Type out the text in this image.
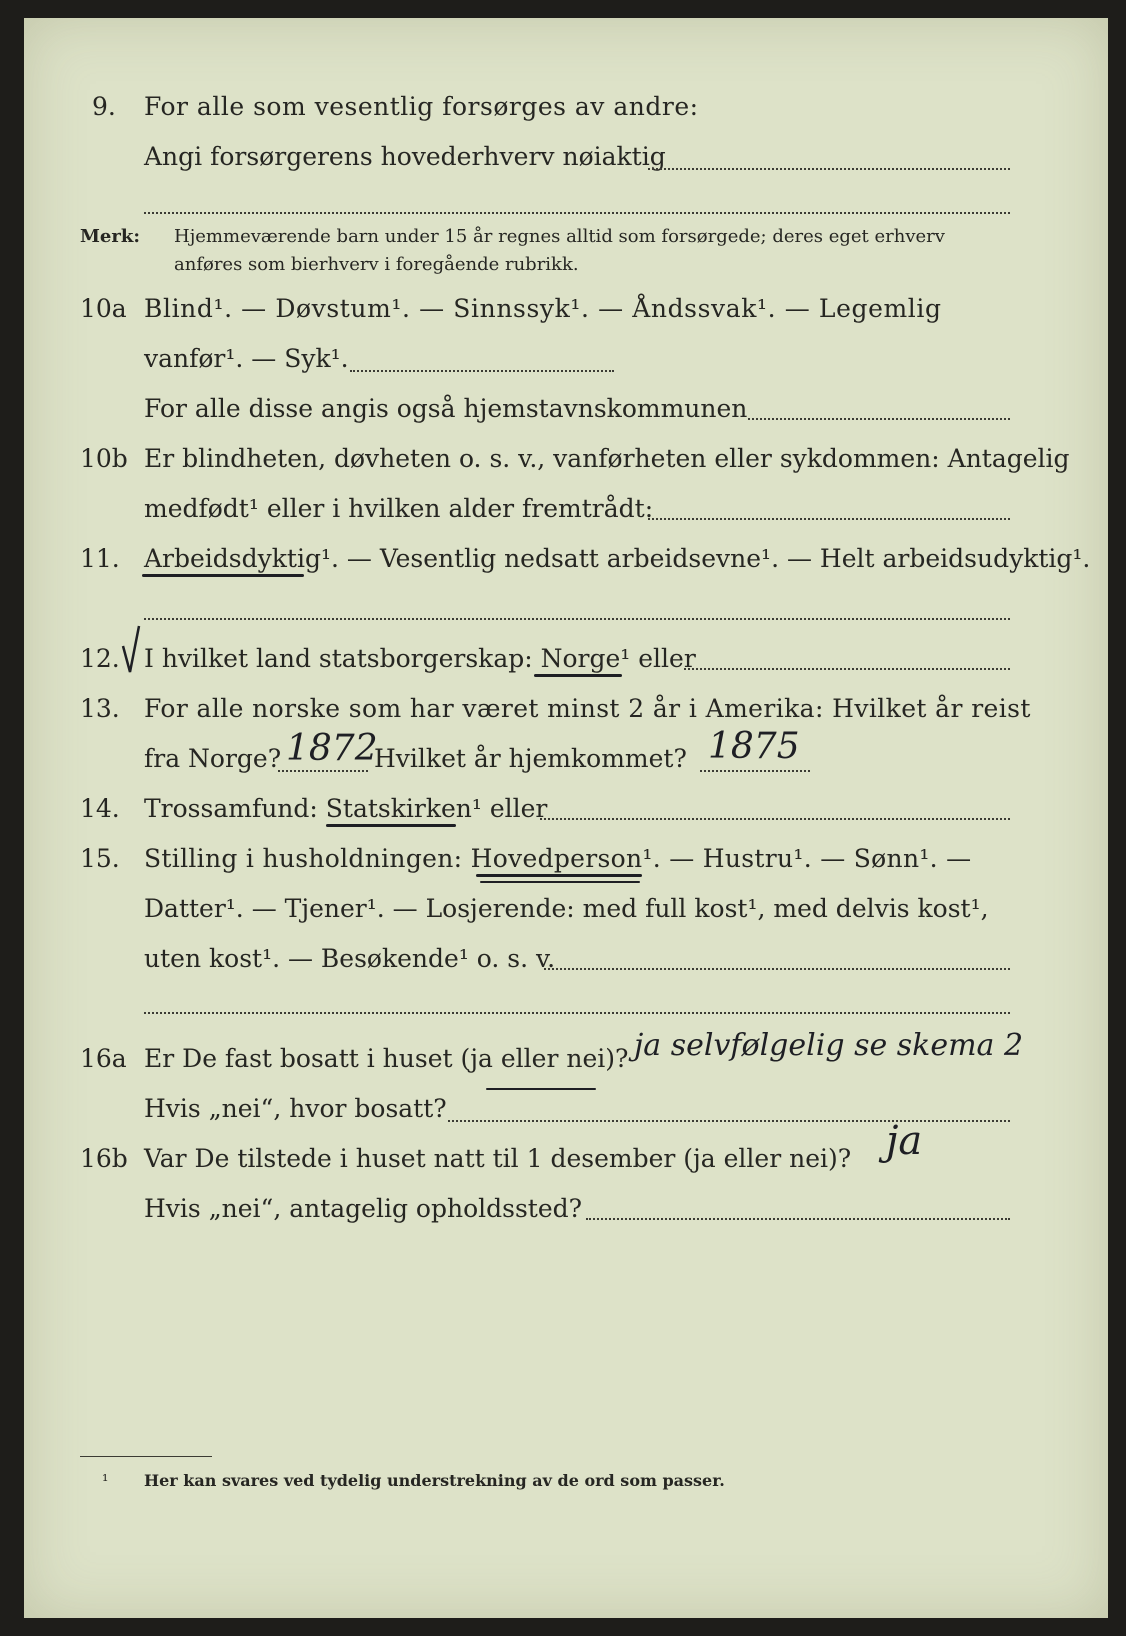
9. For alle som vesentlig forsørges av andre:
Angi forsørgerens hovederhverv nøiaktig
Merk: Hjemmeværende barn under 15 år regnes alltid som forsørgede; deres eget erhverv
anføres som bierhverv i foregående rubrikk.
10a Blind¹. — Døvstum¹. — Sinnssyk¹. — Åndssvak¹. — Legemlig
vanfør¹. — Syk¹.
For alle disse angis også hjemstavnskommunen
10b Er blindheten, døvheten o. s. v., vanførheten eller sykdommen: Antagelig
medfødt¹ eller i hvilken alder fremtrådt:
11. Arbeidsdyktig¹. — Vesentlig nedsatt arbeidsevne¹. — Helt arbeidsudyktig¹.
12. I hvilket land statsborgerskap: Norge¹ eller
13. For alle norske som har været minst 2 år i Amerika: Hvilket år reist
fra Norge? 1872
Hvilket år hjemkommet? 1875
14. Trossamfund: Statskirken¹ eller
15. Stilling i husholdningen: Hovedperson¹. — Hustru¹. — Sønn¹. —
Datter¹. — Tjener¹. — Losjerende: med full kost¹, med delvis kost¹,
uten kost¹. — Besøkende¹ o. s. v.
16a Er De fast bosatt i huset (ja eller nei)? ja selvfølgelig se skema 2
Hvis „nei“, hvor bosatt?
16b Var De tilstede i huset natt til 1 desember (ja eller nei)? ja
Hvis „nei“, antagelig opholdssted?
¹ Her kan svares ved tydelig understrekning av de ord som passer.
